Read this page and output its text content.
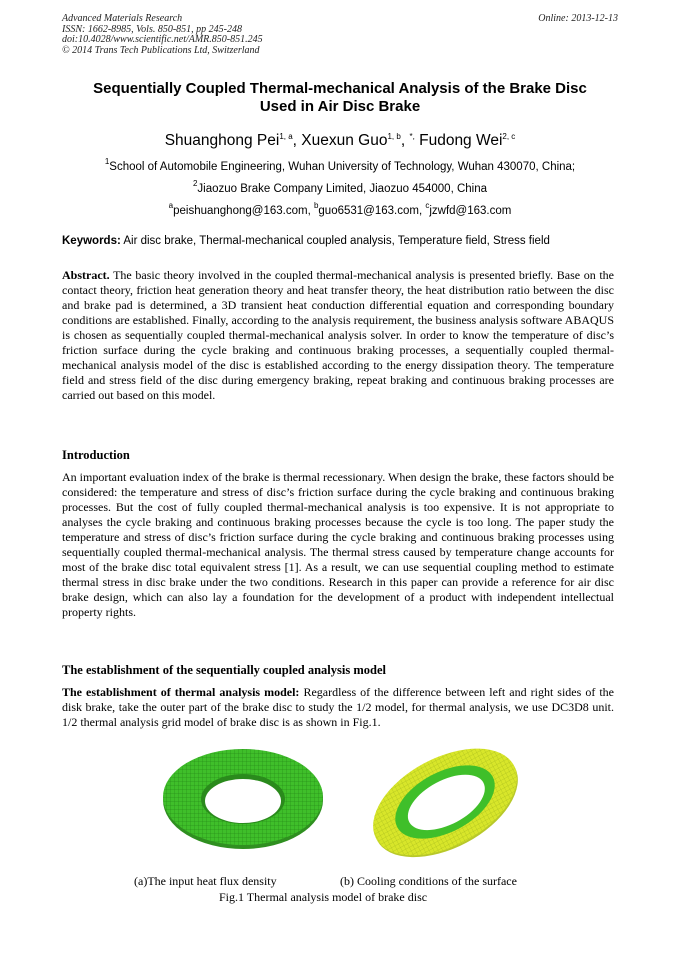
Advanced Materials Research
ISSN: 1662-8985, Vols. 850-851, pp 245-248
doi:10.4028/www.scientific.net/AMR.850-851.245
© 2014 Trans Tech Publications Ltd, Switzerland
Online: 2013-12-13
Sequentially Coupled Thermal-mechanical Analysis of the Brake Disc
Used in Air Disc Brake
Shuanghong Pei$^{1, a}$, Xuexun Guo$^{1, b}$, *, Fudong Wei$^{2, c}$
$^1$School of Automobile Engineering, Wuhan University of Technology, Wuhan 430070, China;
$^2$Jiaozuo Brake Company Limited, Jiaozuo 454000, China
$^a$peishuanghong@163.com, $^b$guo6531@163.com, $^c$jzwfd@163.com
Keywords: Air disc brake, Thermal-mechanical coupled analysis, Temperature field, Stress field
Abstract. The basic theory involved in the coupled thermal-mechanical analysis is presented briefly. Base on the contact theory, friction heat generation theory and heat transfer theory, the heat distribution ratio between the disc and brake pad is determined, a 3D transient heat conduction differential equation and corresponding boundary conditions are established. Finally, according to the analysis requirement, the business analysis software ABAQUS is chosen as sequentially coupled thermal-mechanical analysis solver. In order to know the temperature of disc’s friction surface during the cycle braking and continuous braking processes, a sequentially coupled thermal-mechanical analysis model of the disc is established according to the energy dissipation theory. The temperature field and stress field of the disc during emergency braking, repeat braking and continuous braking processes are carried out based on this model.
Introduction
An important evaluation index of the brake is thermal recessionary. When design the brake, these factors should be considered: the temperature and stress of disc’s friction surface during the cycle braking and continuous braking processes. But the cost of fully coupled thermal-mechanical analysis is too expensive. It is not appropriate to analyses the cycle braking and continuous braking processes because the cycle is too long. The paper study the temperature and stress of disc’s friction surface during the cycle braking and continuous braking processes using sequentially coupled thermal-mechanical analysis. The thermal stress caused by temperature change accounts for most of the brake disc total equivalent stress [1]. As a result, we can use sequential coupling method to estimate thermal stress in disc brake under the two conditions. Research in this paper can provide a reference for air disc brake design, which can also lay a foundation for the development of a product with independent intellectual property rights.
The establishment of the sequentially coupled analysis model
The establishment of thermal analysis model: Regardless of the difference between left and right sides of the disk brake, take the outer part of the brake disc to study the 1/2 model, for thermal analysis, we use DC3D8 unit. 1/2 thermal analysis grid model of brake disc is as shown in Fig.1.
(a)The input heat flux density	(b) Cooling conditions of the surface
Fig.1 Thermal analysis model of brake disc
